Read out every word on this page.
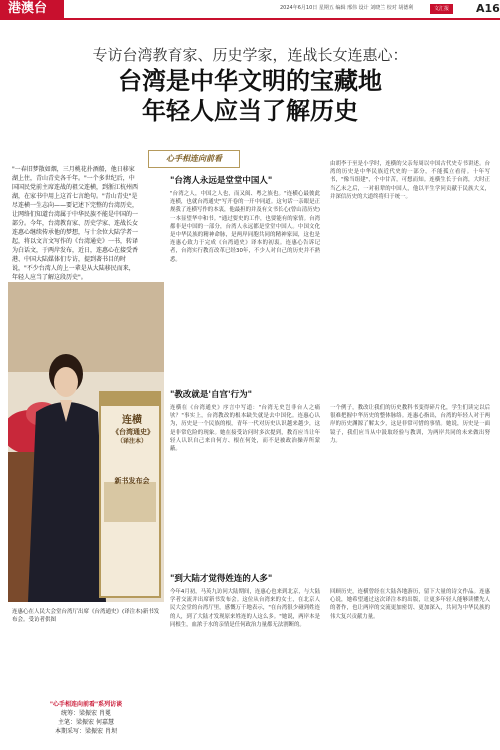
港澳台	2024年6月10日 星期五 编辑 邢伟 设计 刘晓兰 校对 胡德利	文汇报	A16
专访台湾教育家、历史学家，连战长女连惠心：
台湾是中华文明的宝藏地
年轻人应当了解历史
"一春旧梦散如烟，三月桃花扑酒船，他日移家湖上住，青山青史各千年。"一个多世纪后，中国国民党前主席连战的祖父连横，到浙江杭州西湖，在家书中用上这首七言绝句。"青山青史"是尽连横一生志向——要记述下完整的台湾历史，让网络们知道台湾属于中华民族不能是中国的一部分。今年，台湾教育家、历史学家、连战长女连惠心继续传承他的梦想，与十余位大陆学者一起，将以文言文写作的《台湾通史》一书，转译为白话文，于两岸发布，近日，连惠心在接受香港、中国大陆媒体们专访，提到著书目的时说，"不少台湾人的上一辈是从大陆移民而来，年轻人应当了解这段历史"。
心手相连向前看
连横
《台湾通史》
（译注本）
新书发布会
连惠心在人民大会堂台湾厅出席《台湾通史》(译注本)新书发布会。受访者供图
"心手相连向前看"系列访谈
统筹：梁振宏 肖冕
主笔：梁振宏 何嘉慧
本期采写：梁振宏 肖坝
"台湾人永远是堂堂中国人"
"台湾之人，中国之人也，而又闽、粤之族也。"连横心最彼此连横，也就台湾通史"写开卷的一开中同道。这句话一亲眼是正规我了连横写作的本衷，他最担的并及有文书长心(曾山清历史)一本显望华中和书。"通过要史的工作，也要能有的家情。台湾都非是中国的一部分，台湾人永远都是堂堂中国人。中国文化是中华民族的精神命脉，是两岸同胞共同的精神家园，这也是连惠心致力于完成《台湾通史》译本的初衷。连惠心告诉记者，台湾实行教育改革已经30年，不少人对自己的历史并不熟悉。
由胡李于至是小学时，连横的父亲每周以中国古代史专书讲述。台湾的历史是中华民族近代史的一部分，不能孤立看待。十年写书，"像当组建"，个中甘苦，可想而知。连横生长于台湾，大时正当乙未之后，一对祖辈的中国人，他以平生学问贡献于民族大义，并深信历史的大道终将归于统一。
"教改就是'自宫'行为"
连横在《台湾通史》序言中写道："台湾无史岂非台人之痛欤？"事实上，台湾教改的根本缺失就是去中国化。连惠心认为，历史是一个民族的根，青年一代对历史认识越来越少，这是非常危险的现象。她在接受访问时多次提到，教育应当让年轻人认识自己来自何方、根在何处，而不是被政治操弄所蒙蔽。
一个例子，教改让我们的历史教科书变得碎片化，学生们读完以后很难把握中华历史的整体脉络。连惠心指出，台湾的年轻人对于两岸的历史渊源了解太少，这是非常可惜的事情。她说，历史是一面镜子，我们应当从中汲取经验与教训，为两岸共同的未来做出努力。
"到大陆才觉得姓连的人多"
今年4月初，马英九访问大陆期间，连惠心也来到北京，与大陆学者交流并出席新书发布会。这位从台湾来的女士，在北京人民大会堂的台湾厅里，感慨万千地表示，"在台湾很少碰到姓连的人，到了大陆才发现原来姓连的人这么多。"她说，两岸本是同根生，血浓于水的亲情是任何政治力量都无法割断的。
回顾历史，连横曾经在大陆各地游历，留下大量的诗文作品。连惠心说，她希望通过这次译注本的出版，让更多年轻人能够读懂先人的著作，也让两岸的交流更加密切、更加深入，共同为中华民族的伟大复兴贡献力量。
